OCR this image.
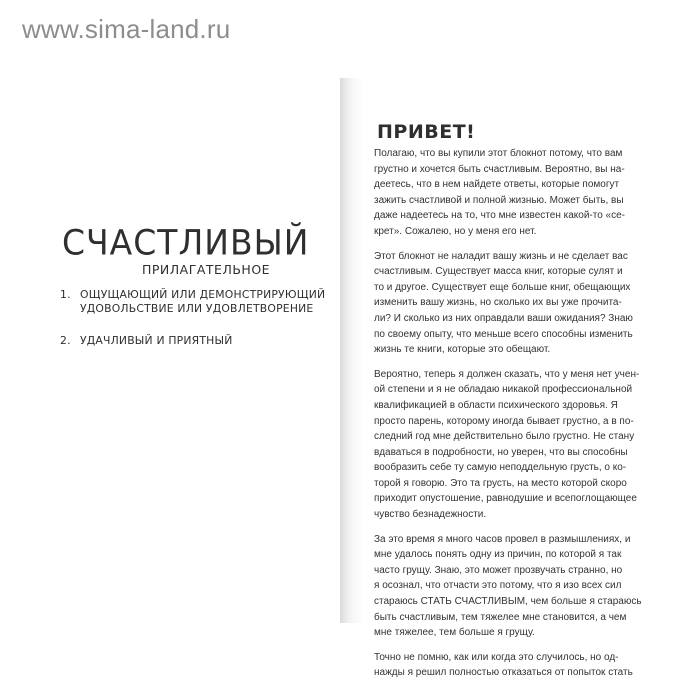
www.sima-land.ru
СЧАСТЛИВЫЙ
ПРИЛАГАТЕЛЬНОЕ
1. ОЩУЩАЮЩИЙ ИЛИ ДЕМОНСТРИРУЮЩИЙ
УДОВОЛЬСТВИЕ ИЛИ УДОВЛЕТВОРЕНИЕ
2. УДАЧЛИВЫЙ И ПРИЯТНЫЙ
ПРИВЕТ!
Полагаю, что вы купили этот блокнот потому, что вам
грустно и хочется быть счастливым. Вероятно, вы на-
деетесь, что в нем найдете ответы, которые помогут
зажить счастливой и полной жизнью. Может быть, вы
даже надеетесь на то, что мне известен какой-то «се-
крет». Сожалею, но у меня его нет.
Этот блокнот не наладит вашу жизнь и не сделает вас
счастливым. Существует масса книг, которые сулят и
то и другое. Существует еще больше книг, обещающих
изменить вашу жизнь, но сколько их вы уже прочита-
ли? И сколько из них оправдали ваши ожидания? Знаю
по своему опыту, что меньше всего способны изменить
жизнь те книги, которые это обещают.
Вероятно, теперь я должен сказать, что у меня нет учен-
ой степени и я не обладаю никакой профессиональной
квалификацией в области психического здоровья. Я
просто парень, которому иногда бывает грустно, а в по-
следний год мне действительно было грустно. Не стану
вдаваться в подробности, но уверен, что вы способны
вообразить себе ту самую неподдельную грусть, о ко-
торой я говорю. Это та грусть, на место которой скоро
приходит опустошение, равнодушие и всепоглощающее
чувство безнадежности.
За это время я много часов провел в размышлениях, и
мне удалось понять одну из причин, по которой я так
часто грущу. Знаю, это может прозвучать странно, но
я осознал, что отчасти это потому, что я изо всех сил
стараюсь СТАТЬ СЧАСТЛИВЫМ, чем больше я стараюсь
быть счастливым, тем тяжелее мне становится, а чем
мне тяжелее, тем больше я грущу.
Точно не помню, как или когда это случилось, но од-
нажды я решил полностью отказаться от попыток стать
